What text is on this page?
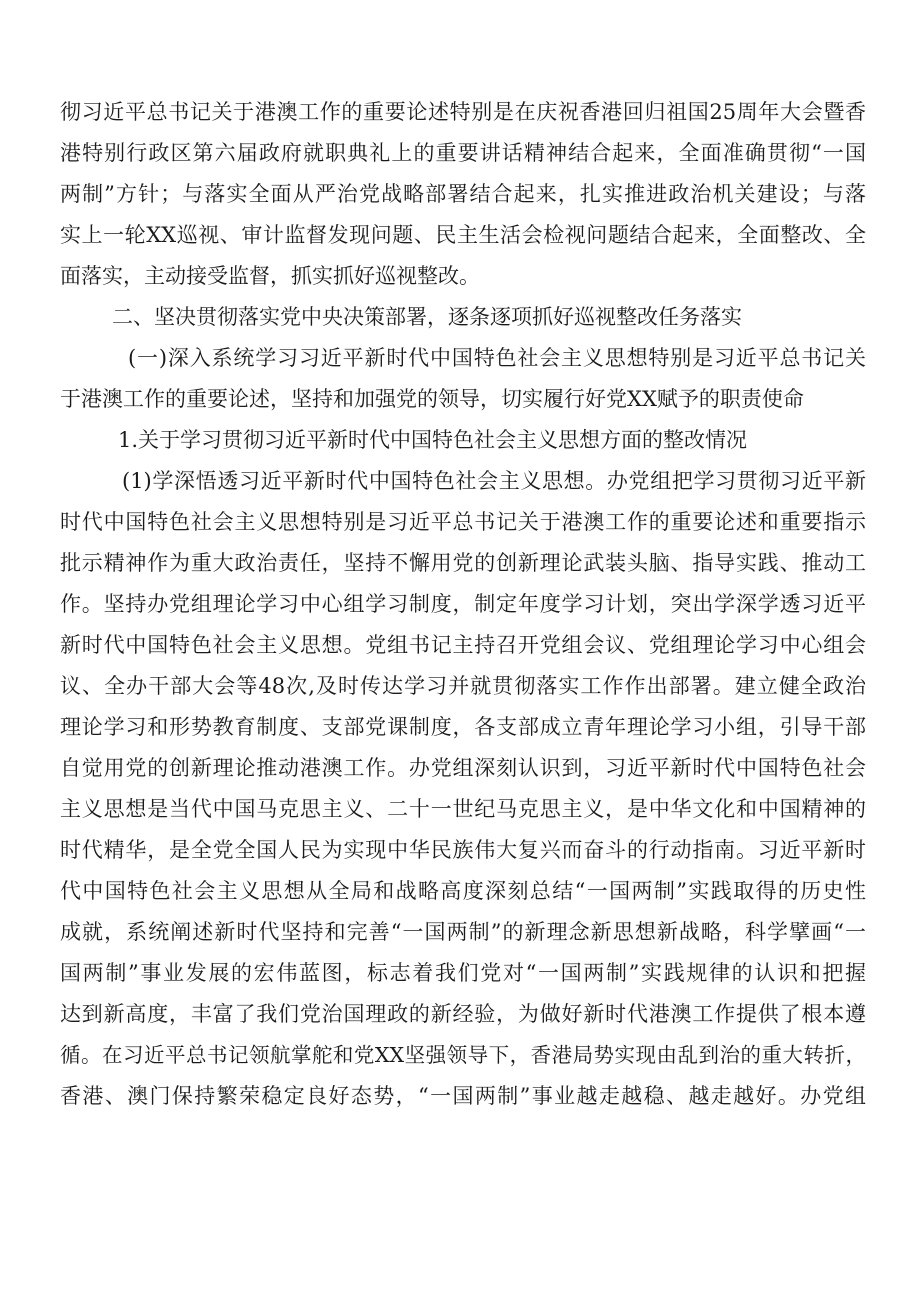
彻习近平总书记关于港澳工作的重要论述特别是在庆祝香港回归祖国25周年大会暨香
港特别行政区第六届政府就职典礼上的重要讲话精神结合起来，全面准确贯彻“一国
两制”方针；与落实全面从严治党战略部署结合起来，扎实推进政治机关建设；与落
实上一轮XX巡视、审计监督发现问题、民主生活会检视问题结合起来，全面整改、全
面落实，主动接受监督，抓实抓好巡视整改。
二、坚决贯彻落实党中央决策部署，逐条逐项抓好巡视整改任务落实
(一)深入系统学习习近平新时代中国特色社会主义思想特别是习近平总书记关
于港澳工作的重要论述，坚持和加强党的领导，切实履行好党XX赋予的职责使命
1.关于学习贯彻习近平新时代中国特色社会主义思想方面的整改情况
(1)学深悟透习近平新时代中国特色社会主义思想。办党组把学习贯彻习近平新
时代中国特色社会主义思想特别是习近平总书记关于港澳工作的重要论述和重要指示
批示精神作为重大政治责任，坚持不懈用党的创新理论武装头脑、指导实践、推动工
作。坚持办党组理论学习中心组学习制度，制定年度学习计划，突出学深学透习近平
新时代中国特色社会主义思想。党组书记主持召开党组会议、党组理论学习中心组会
议、全办干部大会等48次,及时传达学习并就贯彻落实工作作出部署。建立健全政治
理论学习和形势教育制度、支部党课制度，各支部成立青年理论学习小组，引导干部
自觉用党的创新理论推动港澳工作。办党组深刻认识到，习近平新时代中国特色社会
主义思想是当代中国马克思主义、二十一世纪马克思主义，是中华文化和中国精神的
时代精华，是全党全国人民为实现中华民族伟大复兴而奋斗的行动指南。习近平新时
代中国特色社会主义思想从全局和战略高度深刻总结“一国两制”实践取得的历史性
成就，系统阐述新时代坚持和完善“一国两制”的新理念新思想新战略，科学擘画“一
国两制”事业发展的宏伟蓝图，标志着我们党对“一国两制”实践规律的认识和把握
达到新高度，丰富了我们党治国理政的新经验，为做好新时代港澳工作提供了根本遵
循。在习近平总书记领航掌舵和党XX坚强领导下，香港局势实现由乱到治的重大转折，
香港、澳门保持繁荣稳定良好态势，“一国两制”事业越走越稳、越走越好。办党组
